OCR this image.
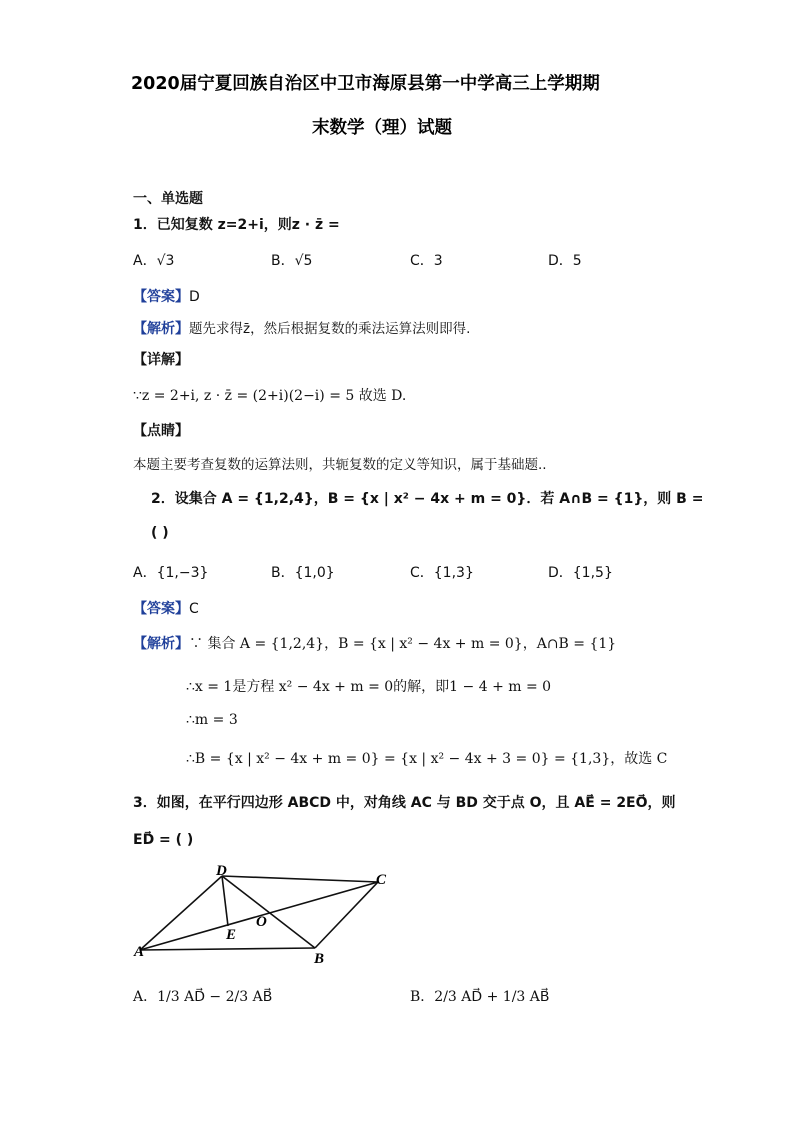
2020届宁夏回族自治区中卫市海原县第一中学高三上学期期
末数学（理）试题
一、单选题
1．已知复数 z=2+i，则z · z̄ =
A．√3	B．√5	C．3	D．5
【答案】D
【解析】题先求得z̄，然后根据复数的乘法运算法则即得.
【详解】
∵z = 2+i, z · z̄ = (2+i)(2−i) = 5 故选 D.
【点睛】
本题主要考查复数的运算法则，共轭复数的定义等知识，属于基础题..
2．设集合 A = {1,2,4}，B = {x | x² − 4x + m = 0}．若 A∩B = {1}，则 B =
( )
A．{1,−3}	B．{1,0}	C．{1,3}	D．{1,5}
【答案】C
【解析】∵ 集合 A = {1,2,4}，B = {x | x² − 4x + m = 0}，A∩B = {1}
∴x = 1是方程 x² − 4x + m = 0的解，即1 − 4 + m = 0
∴m = 3
∴B = {x | x² − 4x + m = 0} = {x | x² − 4x + 3 = 0} = {1,3}，故选 C
3．如图，在平行四边形 ABCD 中，对角线 AC 与 BD 交于点 O，且 AE⃗ = 2EO⃗，则
ED⃗ = ( )
D
C
A	B
E
O
A．1/3 AD⃗ − 2/3 AB⃗	B．2/3 AD⃗ + 1/3 AB⃗
